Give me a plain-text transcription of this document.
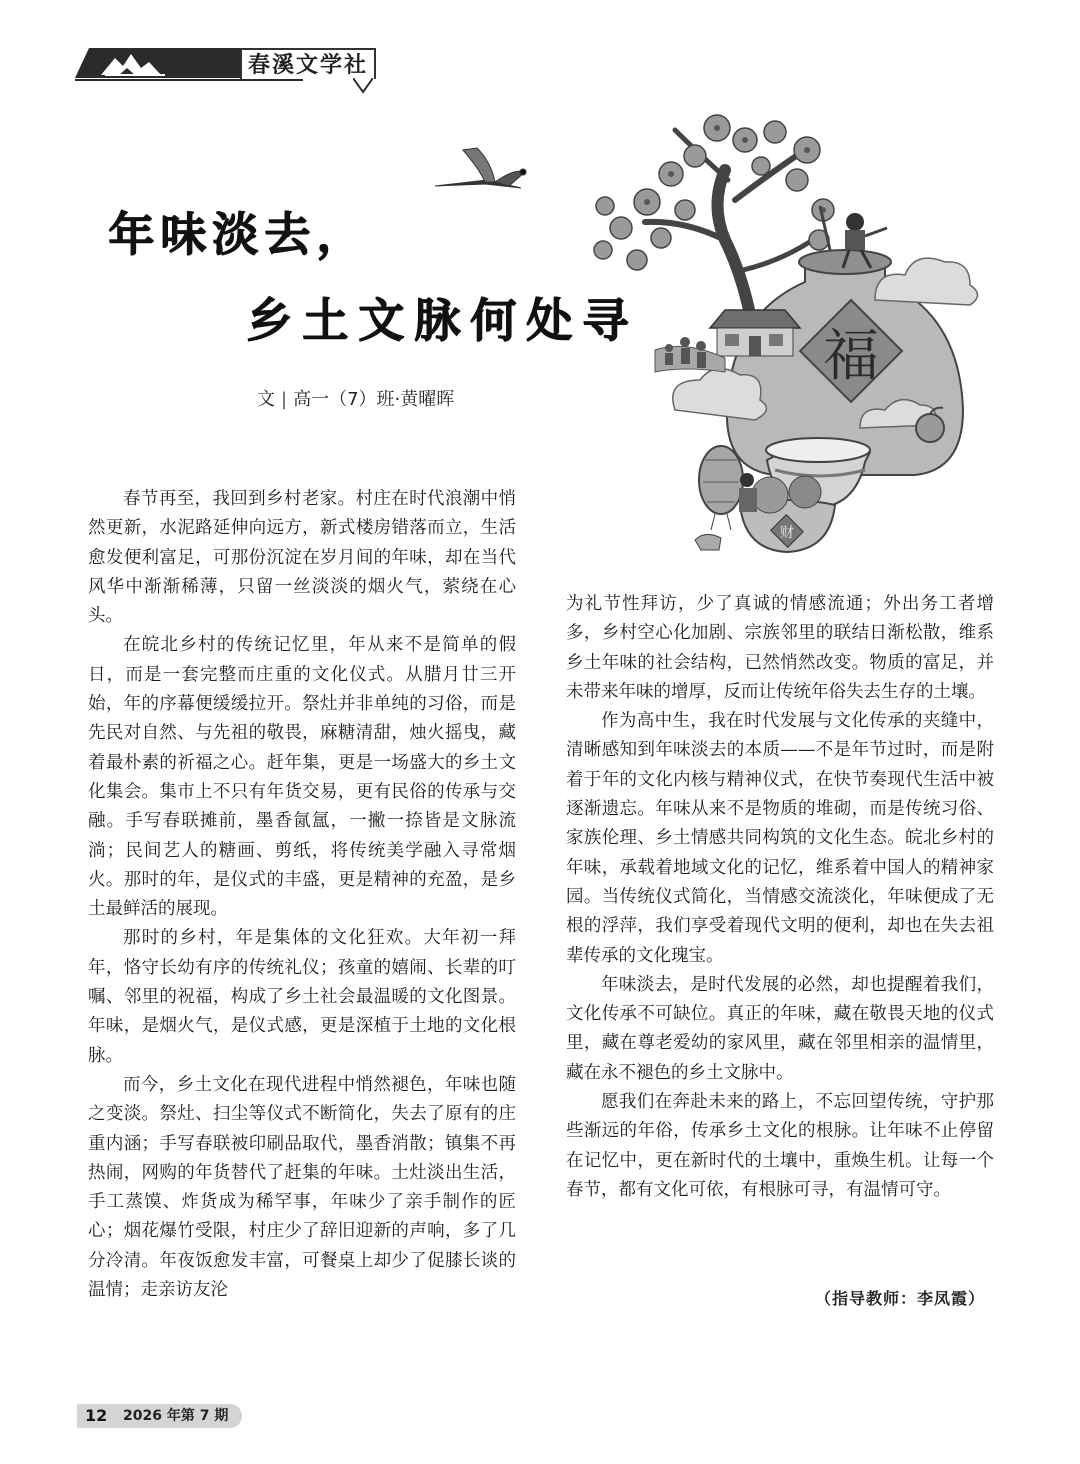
春溪文学社
年味淡去，
乡土文脉何处寻
文 | 高一（7）班·黄曜晖
福
财

春节再至，我回到乡村老家。村庄在时代浪潮中悄然更新，水泥路延伸向远方，新式楼房错落而立，生活愈发便利富足，可那份沉淀在岁月间的年味，却在当代风华中渐渐稀薄，只留一丝淡淡的烟火气，萦绕在心头。

在皖北乡村的传统记忆里，年从来不是简单的假日，而是一套完整而庄重的文化仪式。从腊月廿三开始，年的序幕便缓缓拉开。祭灶并非单纯的习俗，而是先民对自然、与先祖的敬畏，麻糖清甜，烛火摇曳，藏着最朴素的祈福之心。赶年集，更是一场盛大的乡土文化集会。集市上不只有年货交易，更有民俗的传承与交融。手写春联摊前，墨香氤氲，一撇一捺皆是文脉流淌；民间艺人的糖画、剪纸，将传统美学融入寻常烟火。那时的年，是仪式的丰盛，更是精神的充盈，是乡土最鲜活的展现。

那时的乡村，年是集体的文化狂欢。大年初一拜年，恪守长幼有序的传统礼仪；孩童的嬉闹、长辈的叮嘱、邻里的祝福，构成了乡土社会最温暖的文化图景。年味，是烟火气，是仪式感，更是深植于土地的文化根脉。

而今，乡土文化在现代进程中悄然褪色，年味也随之变淡。祭灶、扫尘等仪式不断简化，失去了原有的庄重内涵；手写春联被印刷品取代，墨香消散；镇集不再热闹，网购的年货替代了赶集的年味。土灶淡出生活，手工蒸馍、炸货成为稀罕事，年味少了亲手制作的匠心；烟花爆竹受限，村庄少了辞旧迎新的声响，多了几分冷清。年夜饭愈发丰富，可餐桌上却少了促膝长谈的温情；走亲访友沦

为礼节性拜访，少了真诚的情感流通；外出务工者增多，乡村空心化加剧、宗族邻里的联结日渐松散，维系乡土年味的社会结构，已然悄然改变。物质的富足，并未带来年味的增厚，反而让传统年俗失去生存的土壤。

作为高中生，我在时代发展与文化传承的夹缝中，清晰感知到年味淡去的本质——不是年节过时，而是附着于年的文化内核与精神仪式，在快节奏现代生活中被逐渐遗忘。年味从来不是物质的堆砌，而是传统习俗、家族伦理、乡土情感共同构筑的文化生态。皖北乡村的年味，承载着地域文化的记忆，维系着中国人的精神家园。当传统仪式简化，当情感交流淡化，年味便成了无根的浮萍，我们享受着现代文明的便利，却也在失去祖辈传承的文化瑰宝。

年味淡去，是时代发展的必然，却也提醒着我们，文化传承不可缺位。真正的年味，藏在敬畏天地的仪式里，藏在尊老爱幼的家风里，藏在邻里相亲的温情里，藏在永不褪色的乡土文脉中。

愿我们在奔赴未来的路上，不忘回望传统，守护那些渐远的年俗，传承乡土文化的根脉。让年味不止停留在记忆中，更在新时代的土壤中，重焕生机。让每一个春节，都有文化可依，有根脉可寻，有温情可守。

（指导教师：李凤霞）
12 2026 年第 7 期
